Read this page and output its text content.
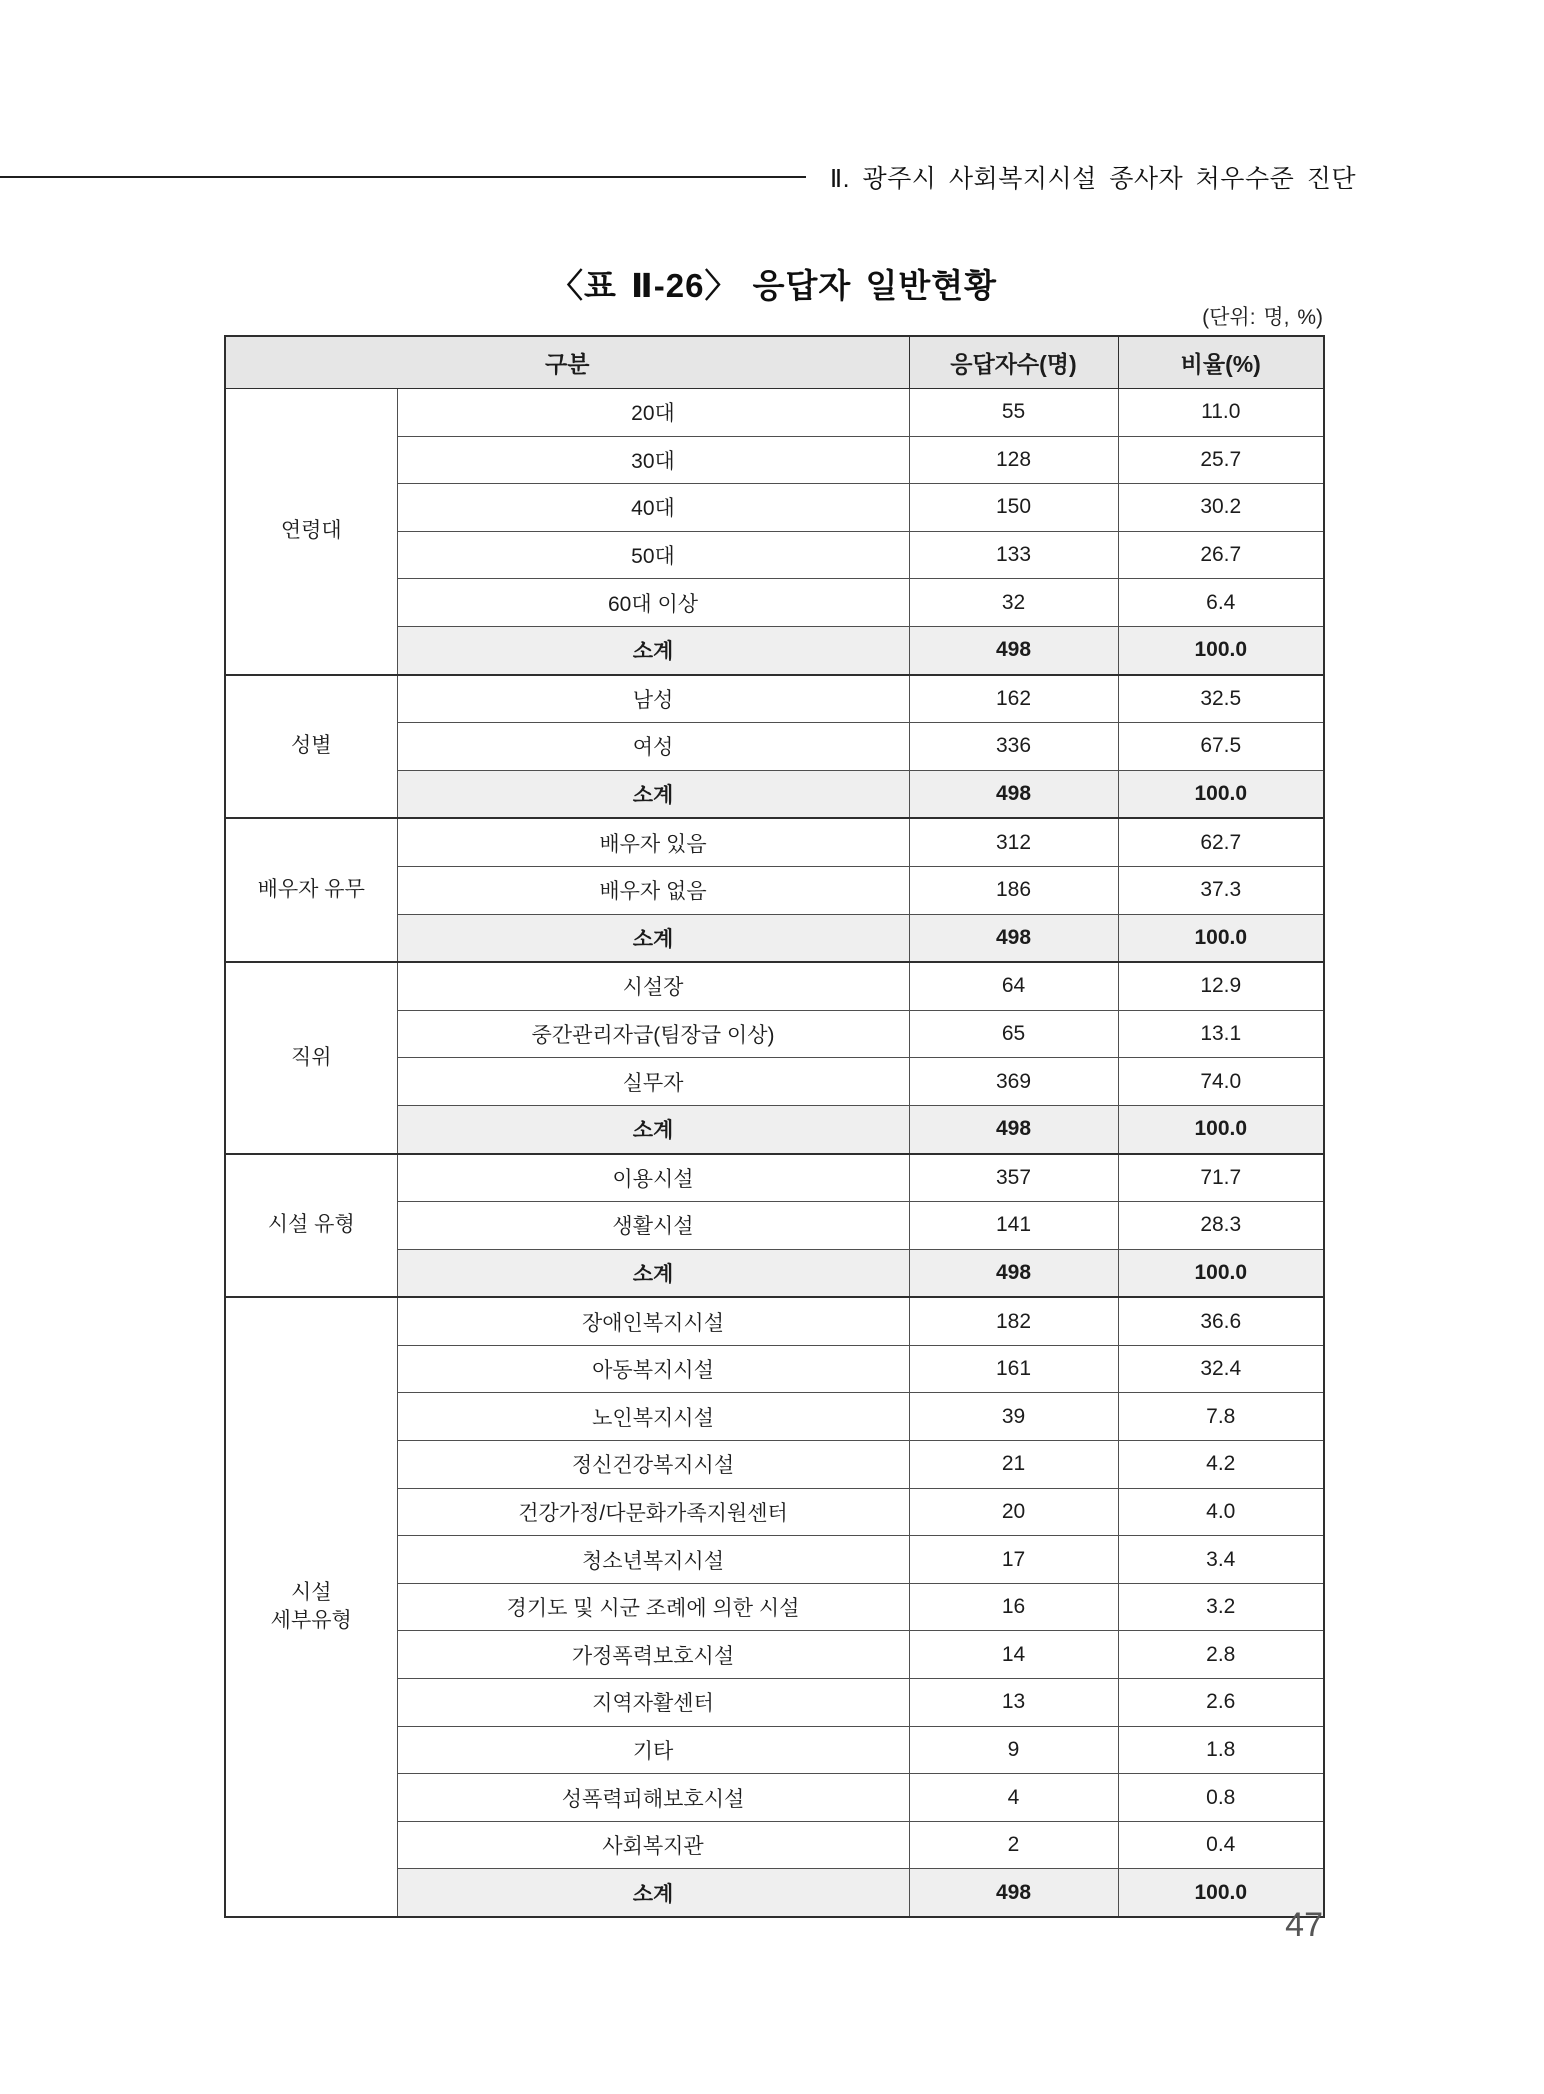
Ⅱ. 광주시 사회복지시설 종사자 처우수준 진단
〈표 Ⅱ-26〉 응답자 일반현황
(단위: 명, %)
구분		응답자수(명)	비율(%)

연령대	20대	55	11.0
	30대	128	25.7
	40대	150	30.2
	50대	133	26.7
	60대 이상	32	6.4
	소계	498	100.0

성별	남성	162	32.5
	여성	336	67.5
	소계	498	100.0

배우자 유무	배우자 있음	312	62.7
	배우자 없음	186	37.3
	소계	498	100.0

직위	시설장	64	12.9
	중간관리자급(팀장급 이상)	65	13.1
	실무자	369	74.0
	소계	498	100.0

시설 유형	이용시설	357	71.7
	생활시설	141	28.3
	소계	498	100.0

시설
세부유형	장애인복지시설	182	36.6
	아동복지시설	161	32.4
	노인복지시설	39	7.8
	정신건강복지시설	21	4.2
	건강가정/다문화가족지원센터	20	4.0
	청소년복지시설	17	3.4
	경기도 및 시군 조례에 의한 시설	16	3.2
	가정폭력보호시설	14	2.8
	지역자활센터	13	2.6
	기타	9	1.8
	성폭력피해보호시설	4	0.8
	사회복지관	2	0.4
	소계	498	100.0
47
